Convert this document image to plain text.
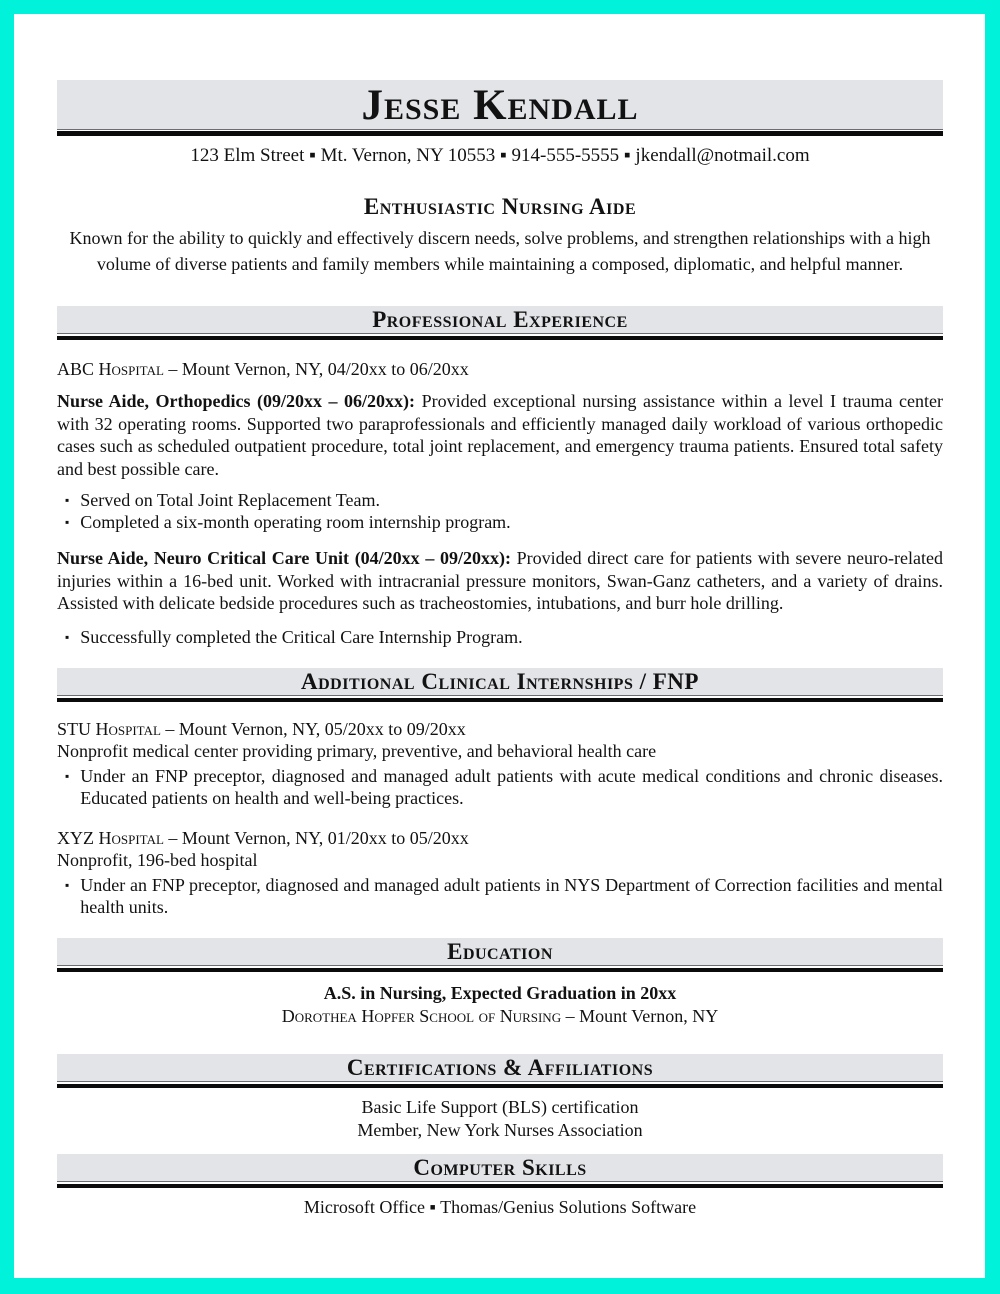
Jesse Kendall

123 Elm Street ▪ Mt. Vernon, NY 10553 ▪ 914-555-5555 ▪ jkendall@notmail.com

Enthusiastic Nursing Aide

Known for the ability to quickly and effectively discern needs, solve problems, and strengthen relationships with a high volume of diverse patients and family members while maintaining a composed, diplomatic, and helpful manner.

Professional Experience

ABC Hospital – Mount Vernon, NY, 04/20xx to 06/20xx

Nurse Aide, Orthopedics (09/20xx – 06/20xx): Provided exceptional nursing assistance within a level I trauma center with 32 operating rooms. Supported two paraprofessionals and efficiently managed daily workload of various orthopedic cases such as scheduled outpatient procedure, total joint replacement, and emergency trauma patients. Ensured total safety and best possible care.

▪ Served on Total Joint Replacement Team.
▪ Completed a six-month operating room internship program.

Nurse Aide, Neuro Critical Care Unit (04/20xx – 09/20xx): Provided direct care for patients with severe neuro-related injuries within a 16-bed unit. Worked with intracranial pressure monitors, Swan-Ganz catheters, and a variety of drains. Assisted with delicate bedside procedures such as tracheostomies, intubations, and burr hole drilling.

▪ Successfully completed the Critical Care Internship Program.
Additional Clinical Internships / FNP

STU Hospital – Mount Vernon, NY, 05/20xx to 09/20xx

Nonprofit medical center providing primary, preventive, and behavioral health care

▪ Under an FNP preceptor, diagnosed and managed adult patients with acute medical conditions and chronic diseases. Educated patients on health and well-being practices.

XYZ Hospital – Mount Vernon, NY, 01/20xx to 05/20xx

Nonprofit, 196-bed hospital

▪ Under an FNP preceptor, diagnosed and managed adult patients in NYS Department of Correction facilities and mental health units.
Education

A.S. in Nursing, Expected Graduation in 20xx

Dorothea Hopfer School of Nursing – Mount Vernon, NY

Certifications & Affiliations

Basic Life Support (BLS) certification

Member, New York Nurses Association

Computer Skills

Microsoft Office ▪ Thomas/Genius Solutions Software
